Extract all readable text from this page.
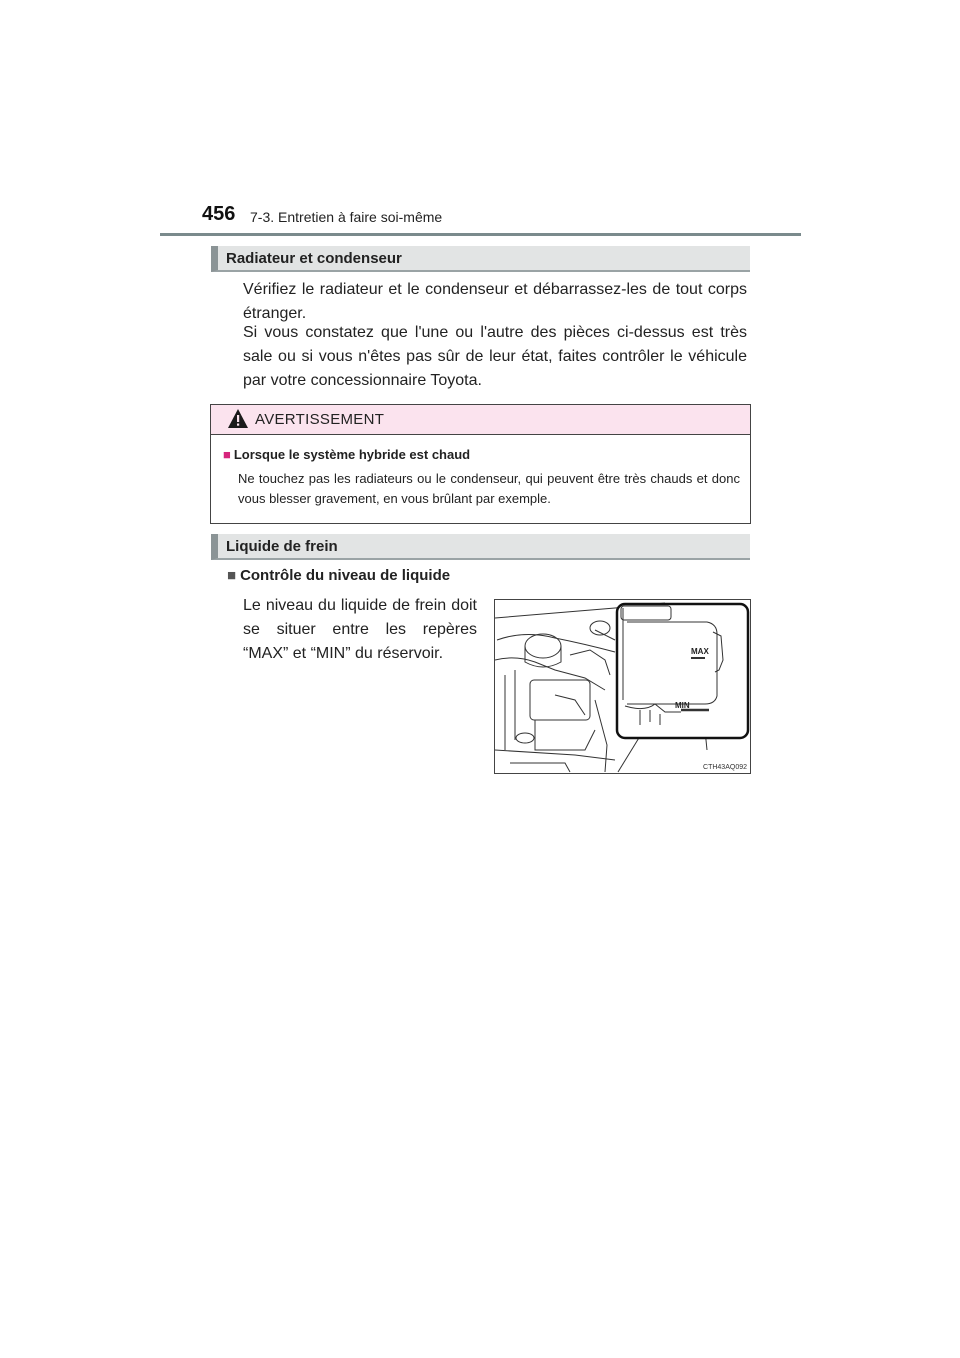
456 7-3. Entretien à faire soi-même
Radiateur et condenseur
Vérifiez le radiateur et le condenseur et débarrassez-les de tout corps étranger.
Si vous constatez que l'une ou l'autre des pièces ci-dessus est très sale ou si vous n'êtes pas sûr de leur état, faites contrôler le véhicule par votre concessionnaire Toyota.
AVERTISSEMENT
■ Lorsque le système hybride est chaud
Ne touchez pas les radiateurs ou le condenseur, qui peuvent être très chauds et donc vous blesser gravement, en vous brûlant par exemple.
Liquide de frein
■ Contrôle du niveau de liquide
Le niveau du liquide de frein doit se situer entre les repères “MAX” et “MIN” du réservoir.	MAX
MIN
CTH43AQ092
